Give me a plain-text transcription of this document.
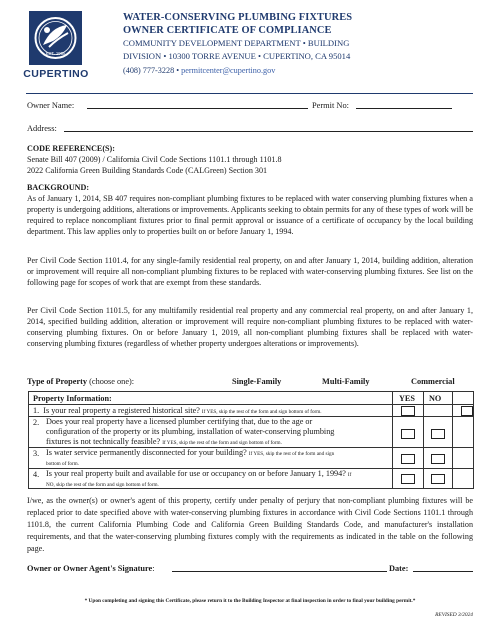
EST. 1955
CUPERTINO
WATER-CONSERVING PLUMBING FIXTURES
OWNER CERTIFICATE OF COMPLIANCE
COMMUNITY DEVELOPMENT DEPARTMENT • BUILDING
DIVISION • 10300 TORRE AVENUE • CUPERTINO, CA 95014
(408) 777-3228 • permitcenter@cupertino.gov
Owner Name:	Permit No:
Address:
CODE REFERENCE(S):
Senate Bill 407 (2009) / California Civil Code Sections 1101.1 through 1101.8
2022 California Green Building Standards Code (CALGreen) Section 301
BACKGROUND:
As of January 1, 2014, SB 407 requires non-compliant plumbing fixtures to be replaced with water conserving plumbing fixtures when a property is undergoing additions, alterations or improvements. Applicants seeking to obtain permits for any of these types of work will be required to replace noncompliant fixtures prior to final permit approval or issuance of a certificate of occupancy by the local building department. This law applies only to properties built on or before January 1, 1994.
Per Civil Code Section 1101.4, for any single-family residential real property, on and after January 1, 2014, building addition, alteration or improvement will require all non-compliant plumbing fixtures to be replaced with water-conserving plumbing fixtures. See list on the following page for scopes of work that are exempt from these standards.
Per Civil Code Section 1101.5, for any multifamily residential real property and any commercial real property, on and after January 1, 2014, specified building addition, alteration or improvement will require non-compliant plumbing fixtures to be replaced with water-conserving plumbing fixtures. On or before January 1, 2019, all non-compliant plumbing fixtures shall be replaced with water-conserving plumbing fixtures (regardless of whether property undergoes alterations or improvements).
Type of Property (choose one):	Single-Family	Multi-Family	Commercial
Property Information:	YES NO
1. Is your real property a registered historical site? If YES, skip the rest of the form and sign bottom of form.
2. Does your real property have a licensed plumber certifying that, due to the age or
configuration of the property or its plumbing, installation of water-conserving plumbing
fixtures is not technically feasible? If YES, skip the rest of the form and sign bottom of form.
3. Is water service permanently disconnected for your building? If YES, skip the rest of the form and sign
bottom of form.
4. Is your real property built and available for use or occupancy on or before January 1, 1994? If
NO, skip the rest of the form and sign bottom of form.
I/we, as the owner(s) or owner's agent of this property, certify under penalty of perjury that non-compliant plumbing fixtures will be replaced prior to date specified above with water-conserving plumbing fixtures in accordance with Civil Code Sections 1101.1 through 1101.8, the current California Plumbing Code and California Green Building Standards Code, and manufacturer's installation requirements, and that the water-conserving plumbing fixtures comply with the requirements as indicated in the table on the following page.
Owner or Owner Agent's Signature:	Date:
* Upon completing and signing this Certificate, please return it to the Building Inspector at final inspection in order to final your building permit.*
REVISED 3/2024
